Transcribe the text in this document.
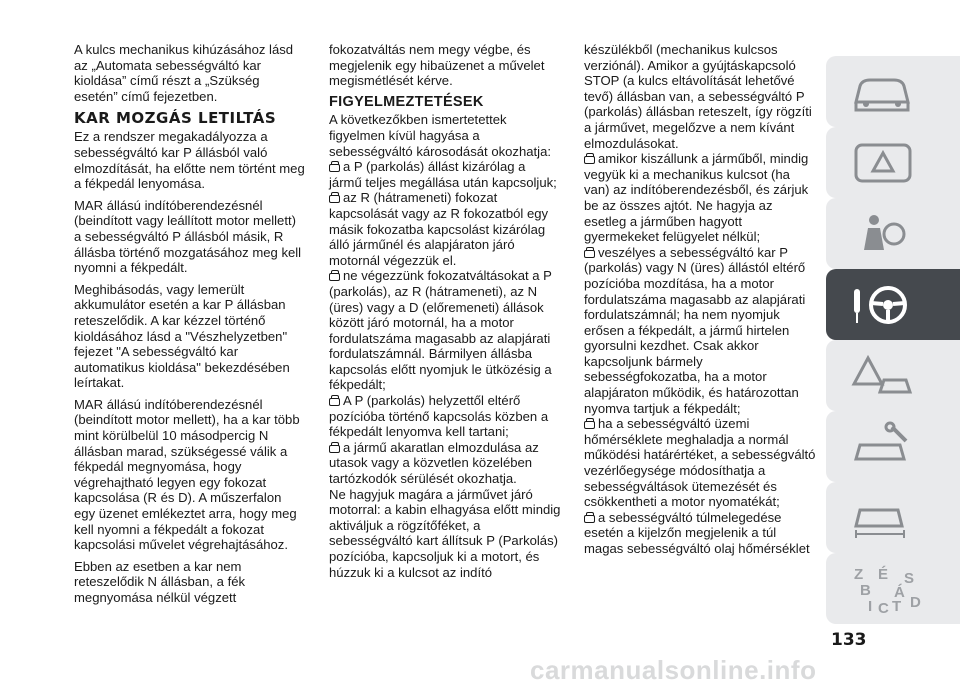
A kulcs mechanikus kihúzásához lásd az „Automata sebességváltó kar kioldása” című részt a „Szükség esetén” című fejezetben.

KAR MOZGÁS LETILTÁS

Ez a rendszer megakadályozza a sebességváltó kar P állásból való elmozdítását, ha előtte nem történt meg a fékpedál lenyomása.

MAR állású indítóberendezésnél (beindított vagy leállított motor mellett) a sebességváltó P állásból másik, R állásba történő mozgatásához meg kell nyomni a fékpedált.

Meghibásodás, vagy lemerült akkumulátor esetén a kar P állásban reteszelődik. A kar kézzel történő kioldásához lásd a "Vészhelyzetben" fejezet "A sebességváltó kar automatikus kioldása" bekezdésében leírtakat.

MAR állású indítóberendezésnél (beindított motor mellett), ha a kar több mint körülbelül 10 másodpercig N állásban marad, szükségessé válik a fékpedál megnyomása, hogy végrehajtható legyen egy fokozat kapcsolása (R és D). A műszerfalon egy üzenet emlékeztet arra, hogy meg kell nyomni a fékpedált a fokozat kapcsolási művelet végrehajtásához.

Ebben az esetben a kar nem reteszelődik N állásban, a fék megnyomása nélkül végzett

fokozatváltás nem megy végbe, és megjelenik egy hibaüzenet a művelet megismétlését kérve.

FIGYELMEZTETÉSEK

A következőkben ismertetettek figyelmen kívül hagyása a sebességváltó károsodását okozhatja:

a P (parkolás) állást kizárólag a jármű teljes megállása után kapcsoljuk;
az R (hátrameneti) fokozat kapcsolását vagy az R fokozatból egy másik fokozatba kapcsolást kizárólag álló járműnél és alapjáraton járó motornál végezzük el.
ne végezzünk fokozatváltásokat a P (parkolás), az R (hátrameneti), az N (üres) vagy a D (előremeneti) állások között járó motornál, ha a motor fordulatszáma magasabb az alapjárati fordulatszámnál. Bármilyen állásba kapcsolás előtt nyomjuk le ütközésig a fékpedált;
A P (parkolás) helyzettől eltérő pozícióba történő kapcsolás közben a fékpedált lenyomva kell tartani;
a jármű akaratlan elmozdulása az utasok vagy a közvetlen közelében tartózkodók sérülését okozhatja.

Ne hagyjuk magára a járművet járó motorral: a kabin elhagyása előtt mindig aktiváljuk a rögzítőféket, a sebességváltó kart állítsuk P (Parkolás) pozícióba, kapcsoljuk ki a motort, és húzzuk ki a kulcsot az indító

készülékből (mechanikus kulcsos verziónál). Amikor a gyújtáskapcsoló STOP (a kulcs eltávolítását lehetővé tevő) állásban van, a sebességváltó P (parkolás) állásban reteszelt, így rögzíti a járművet, megelőzve a nem kívánt elmozdulásokat.

amikor kiszállunk a járműből, mindig vegyük ki a mechanikus kulcsot (ha van) az indítóberendezésből, és zárjuk be az összes ajtót. Ne hagyja az esetleg a járműben hagyott gyermekeket felügyelet nélkül;
veszélyes a sebességváltó kar P (parkolás) vagy N (üres) állástól eltérő pozícióba mozdítása, ha a motor fordulatszáma magasabb az alapjárati fordulatszámnál; ha nem nyomjuk erősen a fékpedált, a jármű hirtelen gyorsulni kezdhet. Csak akkor kapcsoljunk bármely sebességfokozatba, ha a motor alapjáraton működik, és határozottan nyomva tartjuk a fékpedált;
ha a sebességváltó üzemi hőmérséklete meghaladja a normál működési határértéket, a sebességváltó vezérlőegysége módosíthatja a sebességváltások ütemezését és csökkentheti a motor nyomatékát;
a sebességváltó túlmelegedése esetén a kijelzőn megjelenik a túl magas sebességváltó olaj hőmérséklet
Z É S
B Á
I C T D
133
carmanualsonline.info
